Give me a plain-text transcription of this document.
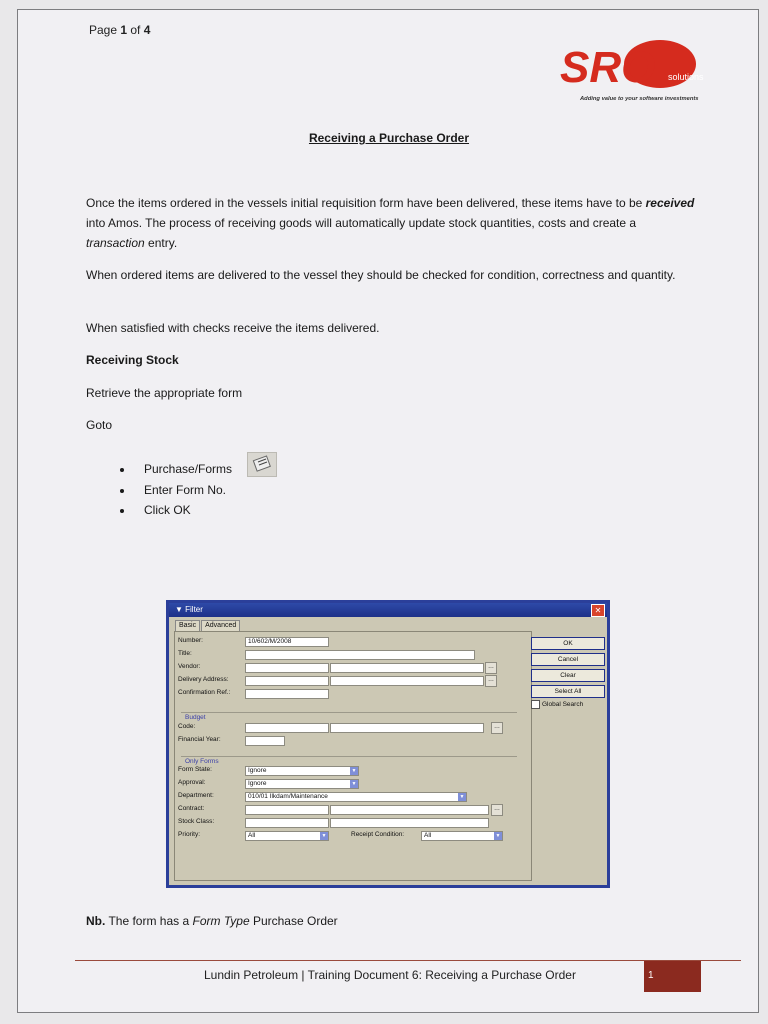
Page 1 of 4
SRO solutions
Adding value to your software investments
Receiving a Purchase Order
Once the items ordered in the vessels initial requisition form have been delivered, these items have to be received into Amos. The process of receiving goods will automatically update stock quantities, costs and create a transaction entry.
When ordered items are delivered to the vessel they should be checked for condition, correctness and quantity.
When satisfied with checks receive the items delivered.
Receiving Stock
Retrieve the appropriate form
Goto
• Purchase/Forms
• Enter Form No.
• Click OK
▼ Filter	✕
Basic Advanced
Number:	10/602/M/2008
Title:
Vendor:	…
Delivery Address:	…
Confirmation Ref.:
Budget
Code:	…
Financial Year:
Only Forms
Form State:	Ignore	▼
Approval:	Ignore	▼
Department:	010/01 Ilkdam/Maintenance	▼
Contract:	…
Stock Class:
Priority:	All	▼	Receipt Condition:	All	▼
OK
Cancel
Clear
Select All
Global Search
Nb. The form has a Form Type Purchase Order
Lundin Petroleum | Training Document 6: Receiving a Purchase Order	1
